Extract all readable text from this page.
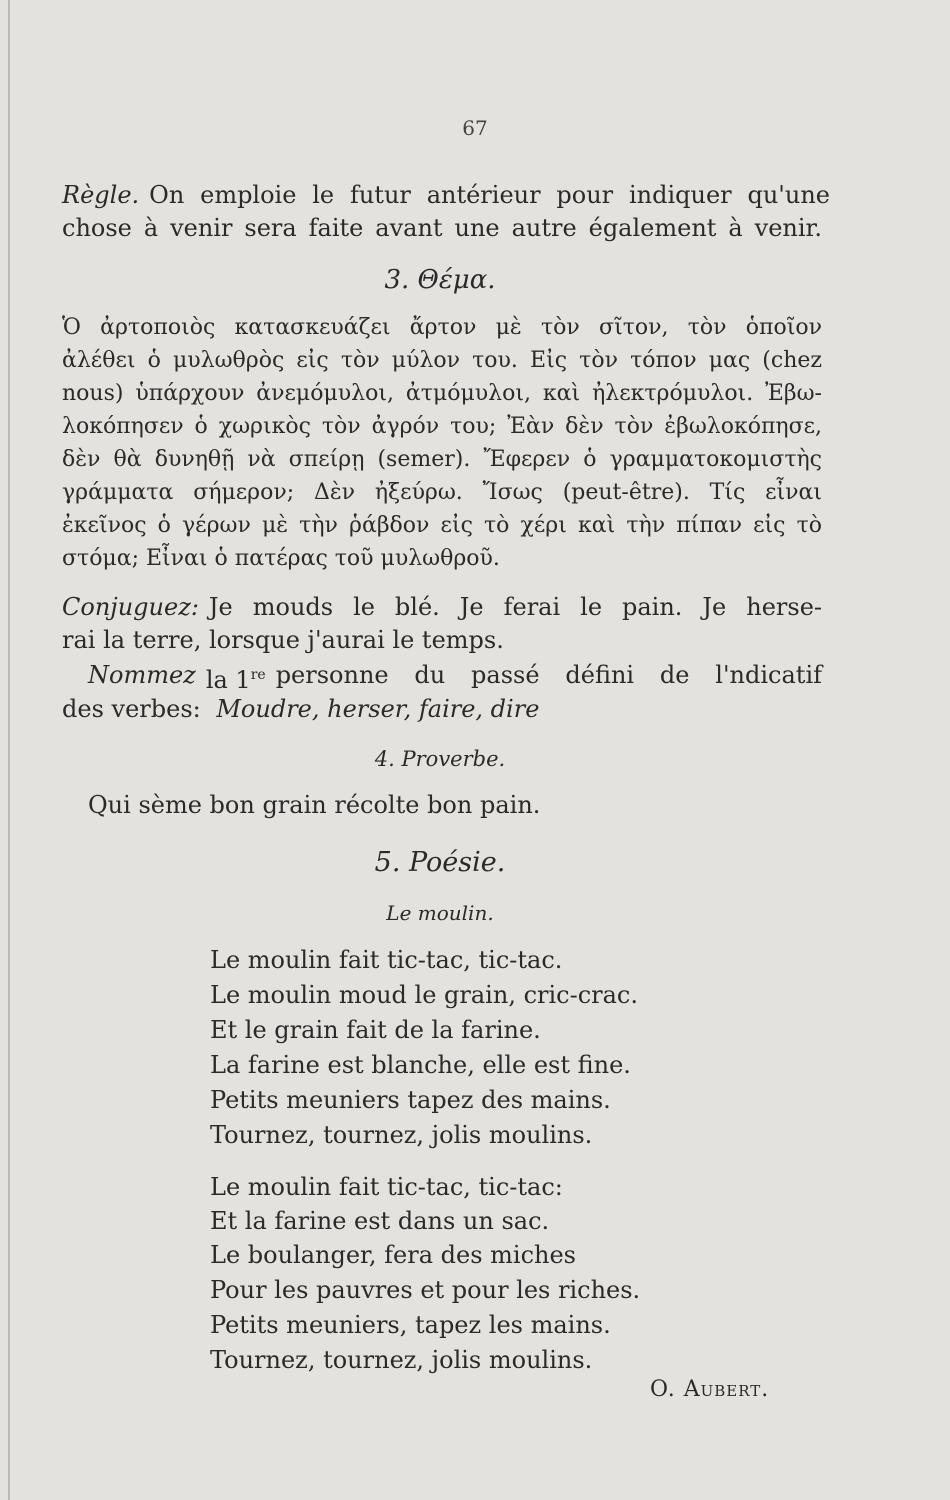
67
Règle. On emploie le futur antérieur pour indiquer qu'une
chose à venir sera faite avant une autre également à venir.
3. Θέμα.
Ὁ ἀρτοποιὸς κατασκευάζει ἄρτον μὲ τὸν σῖτον, τὸν ὁποῖον
ἀλέθει ὁ μυλωθρὸς εἰς τὸν μύλον του. Εἰς τὸν τόπον μας (chez
nous) ὑπάρχουν ἀνεμόμυλοι, ἀτμόμυλοι, καὶ ἠλεκτρόμυλοι. Ἐβω-
λοκόπησεν ὁ χωρικὸς τὸν ἀγρόν του; Ἐὰν δὲν τὸν ἐβωλοκόπησε,
δὲν θὰ δυνηθῇ νὰ σπείρῃ (semer). Ἔφερεν ὁ γραμματοκομιστὴς
γράμματα σήμερον; Δὲν ἠξεύρω. Ἴσως (peut-être). Τίς εἶναι
ἐκεῖνος ὁ γέρων μὲ τὴν ῥάβδον εἰς τὸ χέρι καὶ τὴν πίπαν εἰς τὸ
στόμα; Εἶναι ὁ πατέρας τοῦ μυλωθροῦ.
Conjuguez: Je mouds le blé. Je ferai le pain. Je herse-
rai la terre, lorsque j'aurai le temps.
Nommez la 1re personne du passé défini de l'ndicatif
des verbes: Moudre, herser, faire, dire
4. Proverbe.
Qui sème bon grain récolte bon pain.
5. Poésie.
Le moulin.
Le moulin fait tic-tac, tic-tac.
Le moulin moud le grain, cric-crac.
Et le grain fait de la farine.
La farine est blanche, elle est fine.
Petits meuniers tapez des mains.
Tournez, tournez, jolis moulins.
Le moulin fait tic-tac, tic-tac:
Et la farine est dans un sac.
Le boulanger, fera des miches
Pour les pauvres et pour les riches.
Petits meuniers, tapez les mains.
Tournez, tournez, jolis moulins.
O. Aubert.
